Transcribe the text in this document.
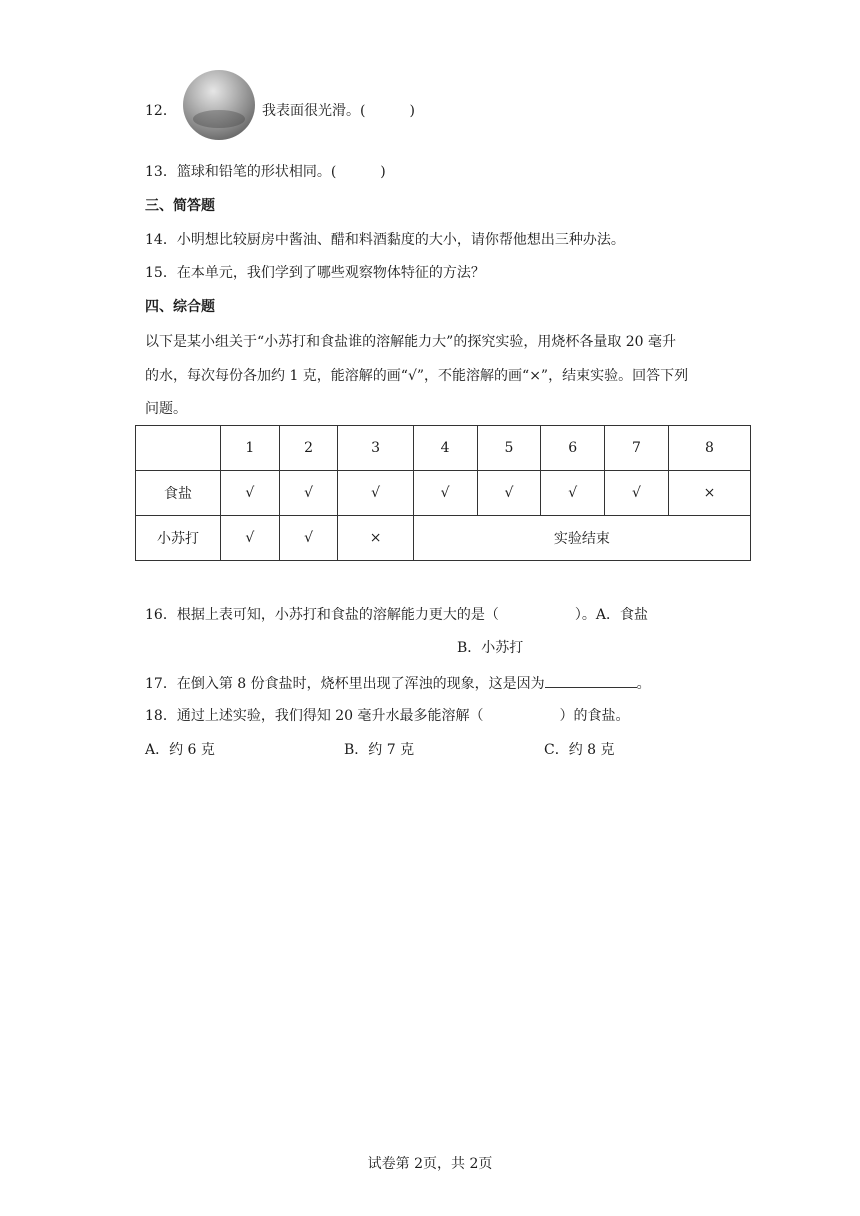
12．	我表面很光滑。(	)
13．篮球和铅笔的形状相同。(	)
三、简答题
14．小明想比较厨房中酱油、醋和料酒黏度的大小，请你帮他想出三种办法。
15．在本单元，我们学到了哪些观察物体特征的方法？
四、综合题
以下是某小组关于“小苏打和食盐谁的溶解能力大”的探究实验，用烧杯各量取 20 毫升
的水，每次每份各加约 1 克，能溶解的画“√”，不能溶解的画“×”，结束实验。回答下列
问题。
	1	2	3	4	5	6	7	8
食盐	√	√	√	√	√	√	√	×
小苏打	√	√	×	实验结束				
16．根据上表可知，小苏打和食盐的溶解能力更大的是（	）。A．食盐
B．小苏打
17．在倒入第 8 份食盐时，烧杯里出现了浑浊的现象，这是因为	。
18．通过上述实验，我们得知 20 毫升水最多能溶解（	）的食盐。
A．约 6 克	B．约 7 克	C．约 8 克
试卷第 2页，共 2页
